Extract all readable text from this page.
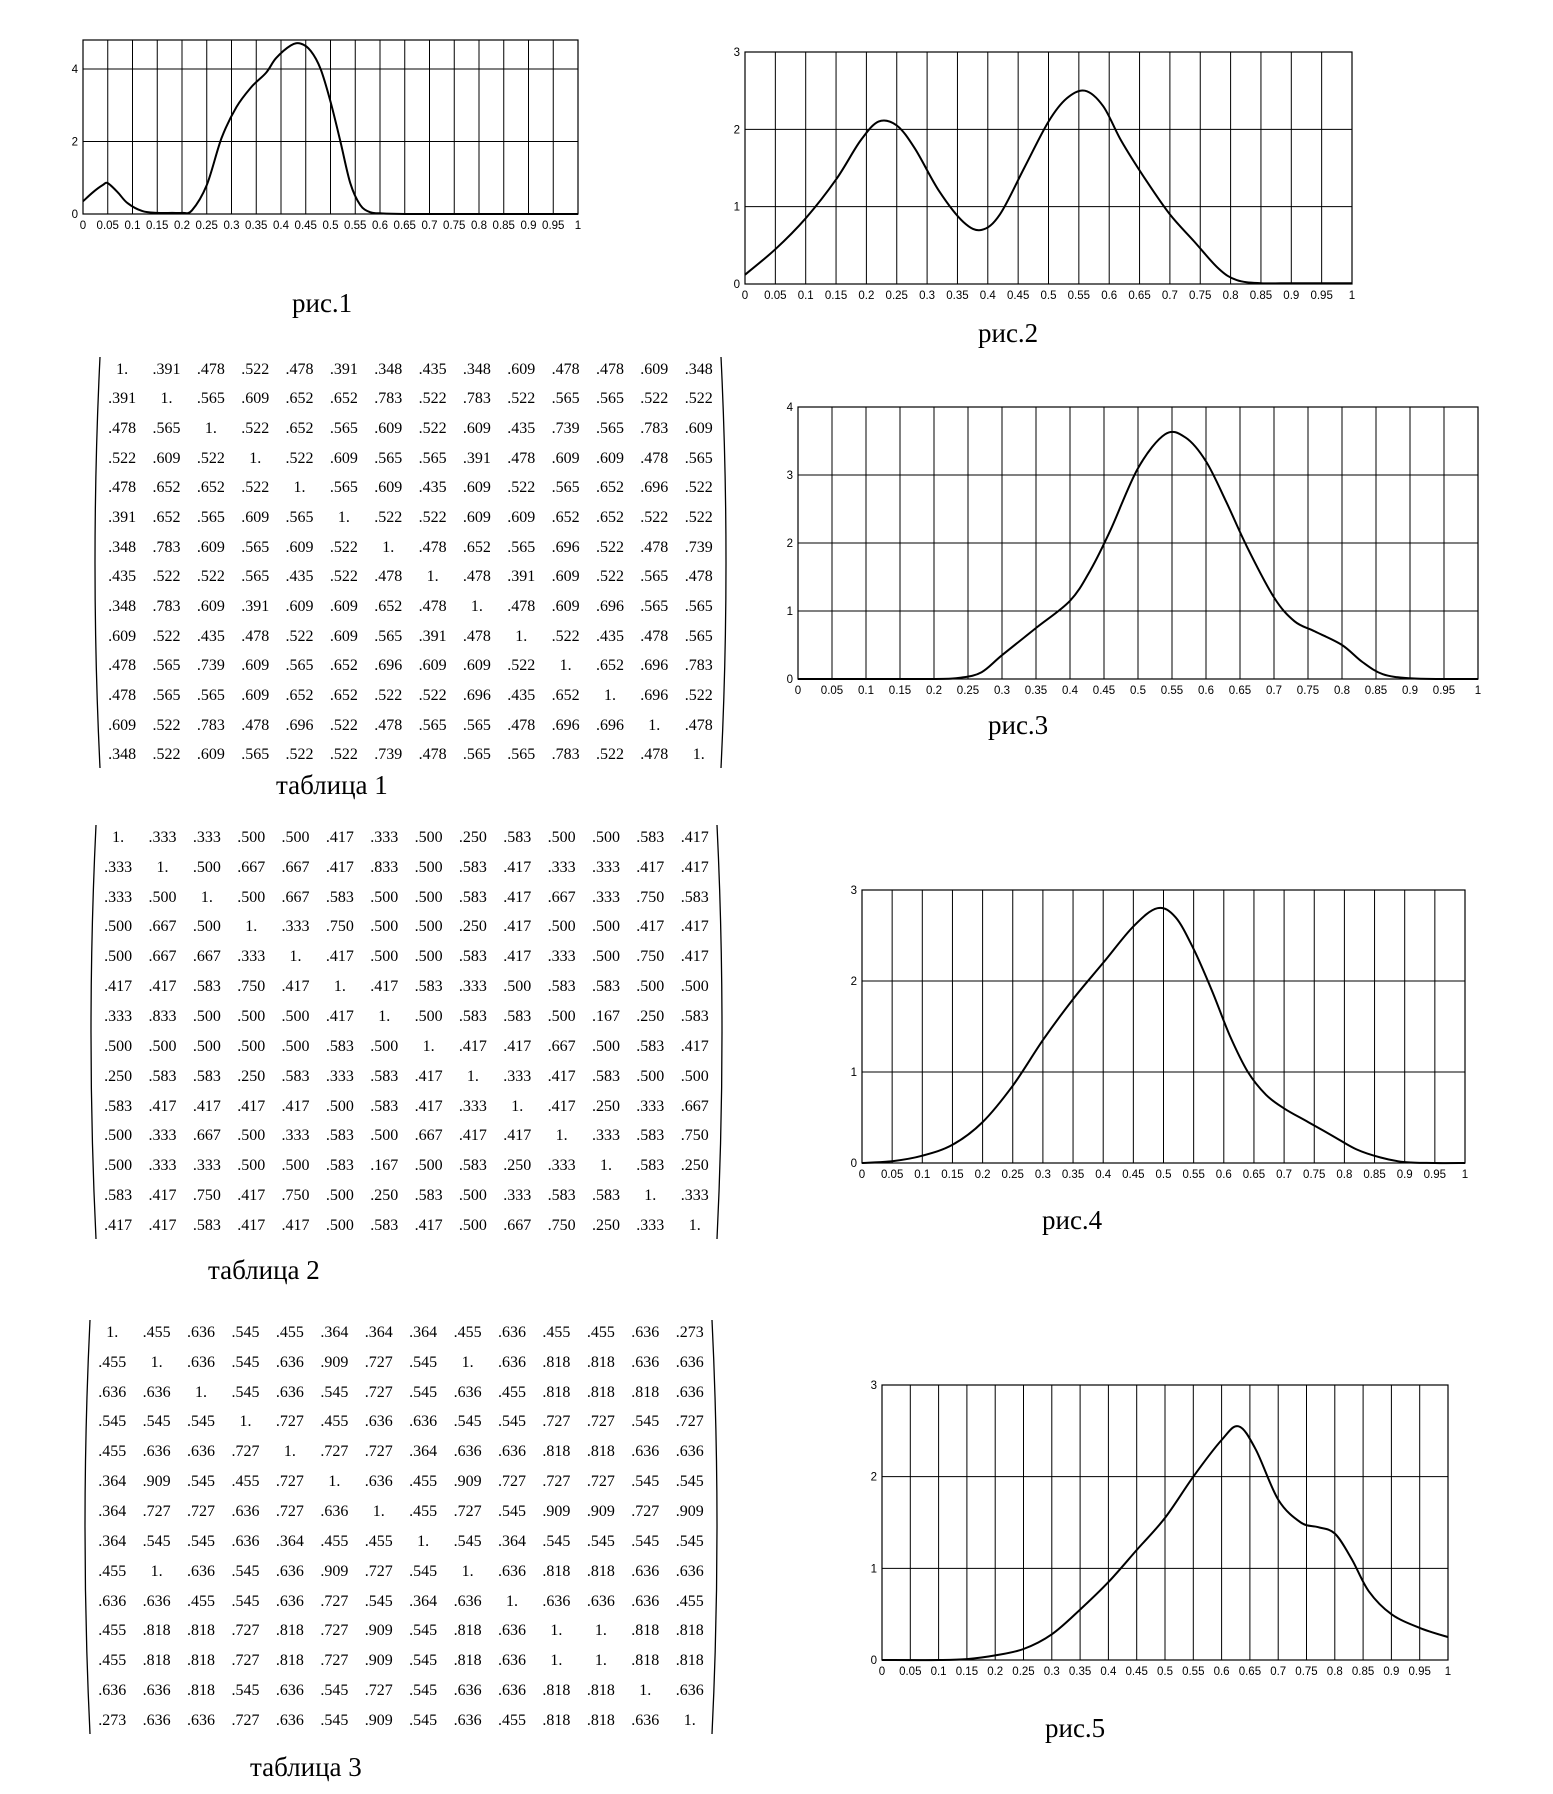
0 0.05 0.1 0.15 0.2 0.25 0.3 0.35 0.4 0.45 0.5 0.55 0.6 0.65 0.7 0.75 0.8 0.85 0.9 0.95 1
0
2
4
0 0.05 0.1 0.15 0.2 0.25 0.3 0.35 0.4 0.45 0.5 0.55 0.6 0.65 0.7 0.75 0.8 0.85 0.9 0.95 1
0
1
2
3
0 0.05 0.1 0.15 0.2 0.25 0.3 0.35 0.4 0.45 0.5 0.55 0.6 0.65 0.7 0.75 0.8 0.85 0.9 0.95 1
0
1
2
3
4
0 0.05 0.1 0.15 0.2 0.25 0.3 0.35 0.4 0.45 0.5 0.55 0.6 0.65 0.7 0.75 0.8 0.85 0.9 0.95 1
0
1
2
3
0 0.05 0.1 0.15 0.2 0.25 0.3 0.35 0.4 0.45 0.5 0.55 0.6 0.65 0.7 0.75 0.8 0.85 0.9 0.95 1
0
1
2
3
рис.1
рис.2
рис.3
рис.4
рис.5
таблица 1
таблица 2
таблица 3
1.	.391	.478	.522	.478	.391	.348	.435	.348	.609	.478	.478	.609	.348
.391	1.	.565	.609	.652	.652	.783	.522	.783	.522	.565	.565	.522	.522
.478	.565	1.	.522	.652	.565	.609	.522	.609	.435	.739	.565	.783	.609
.522	.609	.522	1.	.522	.609	.565	.565	.391	.478	.609	.609	.478	.565
.478	.652	.652	.522	1.	.565	.609	.435	.609	.522	.565	.652	.696	.522
.391	.652	.565	.609	.565	1.	.522	.522	.609	.609	.652	.652	.522	.522
.348	.783	.609	.565	.609	.522	1.	.478	.652	.565	.696	.522	.478	.739
.435	.522	.522	.565	.435	.522	.478	1.	.478	.391	.609	.522	.565	.478
.348	.783	.609	.391	.609	.609	.652	.478	1.	.478	.609	.696	.565	.565
.609	.522	.435	.478	.522	.609	.565	.391	.478	1.	.522	.435	.478	.565
.478	.565	.739	.609	.565	.652	.696	.609	.609	.522	1.	.652	.696	.783
.478	.565	.565	.609	.652	.652	.522	.522	.696	.435	.652	1.	.696	.522
.609	.522	.783	.478	.696	.522	.478	.565	.565	.478	.696	.696	1.	.478
.348	.522	.609	.565	.522	.522	.739	.478	.565	.565	.783	.522	.478	1.
1.	.333	.333	.500	.500	.417	.333	.500	.250	.583	.500	.500	.583	.417
.333	1.	.500	.667	.667	.417	.833	.500	.583	.417	.333	.333	.417	.417
.333	.500	1.	.500	.667	.583	.500	.500	.583	.417	.667	.333	.750	.583
.500	.667	.500	1.	.333	.750	.500	.500	.250	.417	.500	.500	.417	.417
.500	.667	.667	.333	1.	.417	.500	.500	.583	.417	.333	.500	.750	.417
.417	.417	.583	.750	.417	1.	.417	.583	.333	.500	.583	.583	.500	.500
.333	.833	.500	.500	.500	.417	1.	.500	.583	.583	.500	.167	.250	.583
.500	.500	.500	.500	.500	.583	.500	1.	.417	.417	.667	.500	.583	.417
.250	.583	.583	.250	.583	.333	.583	.417	1.	.333	.417	.583	.500	.500
.583	.417	.417	.417	.417	.500	.583	.417	.333	1.	.417	.250	.333	.667
.500	.333	.667	.500	.333	.583	.500	.667	.417	.417	1.	.333	.583	.750
.500	.333	.333	.500	.500	.583	.167	.500	.583	.250	.333	1.	.583	.250
.583	.417	.750	.417	.750	.500	.250	.583	.500	.333	.583	.583	1.	.333
.417	.417	.583	.417	.417	.500	.583	.417	.500	.667	.750	.250	.333	1.
1.	.455	.636	.545	.455	.364	.364	.364	.455	.636	.455	.455	.636	.273
.455	1.	.636	.545	.636	.909	.727	.545	1.	.636	.818	.818	.636	.636
.636	.636	1.	.545	.636	.545	.727	.545	.636	.455	.818	.818	.818	.636
.545	.545	.545	1.	.727	.455	.636	.636	.545	.545	.727	.727	.545	.727
.455	.636	.636	.727	1.	.727	.727	.364	.636	.636	.818	.818	.636	.636
.364	.909	.545	.455	.727	1.	.636	.455	.909	.727	.727	.727	.545	.545
.364	.727	.727	.636	.727	.636	1.	.455	.727	.545	.909	.909	.727	.909
.364	.545	.545	.636	.364	.455	.455	1.	.545	.364	.545	.545	.545	.545
.455	1.	.636	.545	.636	.909	.727	.545	1.	.636	.818	.818	.636	.636
.636	.636	.455	.545	.636	.727	.545	.364	.636	1.	.636	.636	.636	.455
.455	.818	.818	.727	.818	.727	.909	.545	.818	.636	1.	1.	.818	.818
.455	.818	.818	.727	.818	.727	.909	.545	.818	.636	1.	1.	.818	.818
.636	.636	.818	.545	.636	.545	.727	.545	.636	.636	.818	.818	1.	.636
.273	.636	.636	.727	.636	.545	.909	.545	.636	.455	.818	.818	.636	1.
